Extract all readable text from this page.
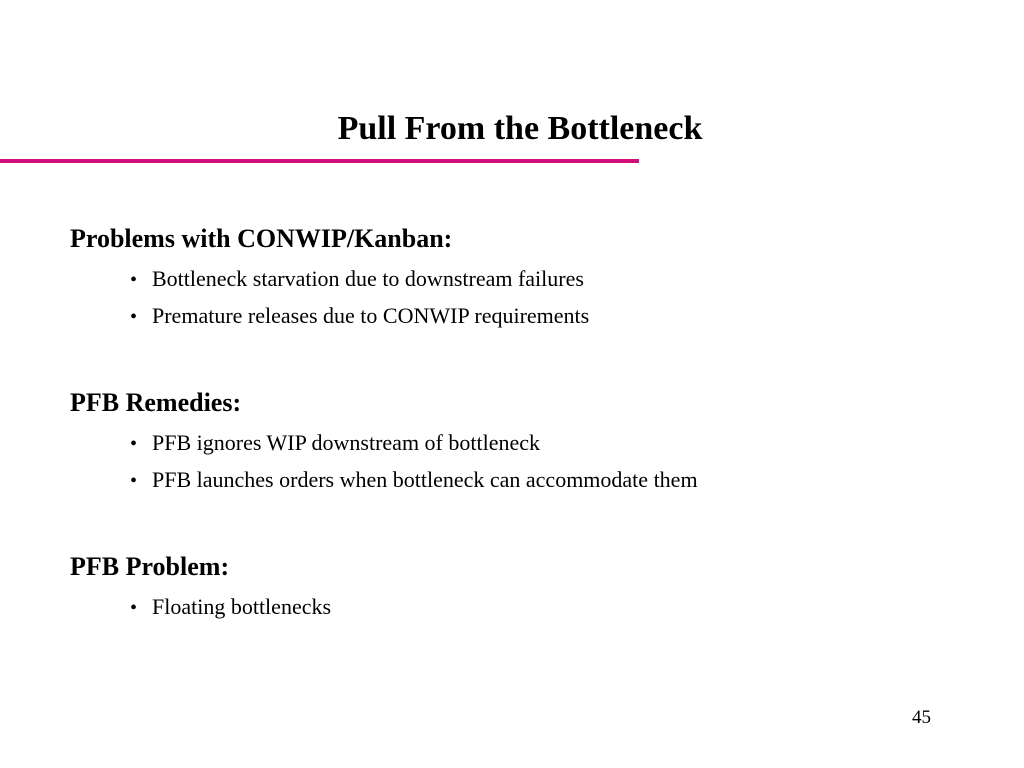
Pull From the Bottleneck
Problems with CONWIP/Kanban:
• Bottleneck starvation due to downstream failures
• Premature releases due to CONWIP requirements
PFB Remedies:
• PFB ignores WIP downstream of bottleneck
• PFB launches orders when bottleneck can accommodate them
PFB Problem:
• Floating bottlenecks
45
